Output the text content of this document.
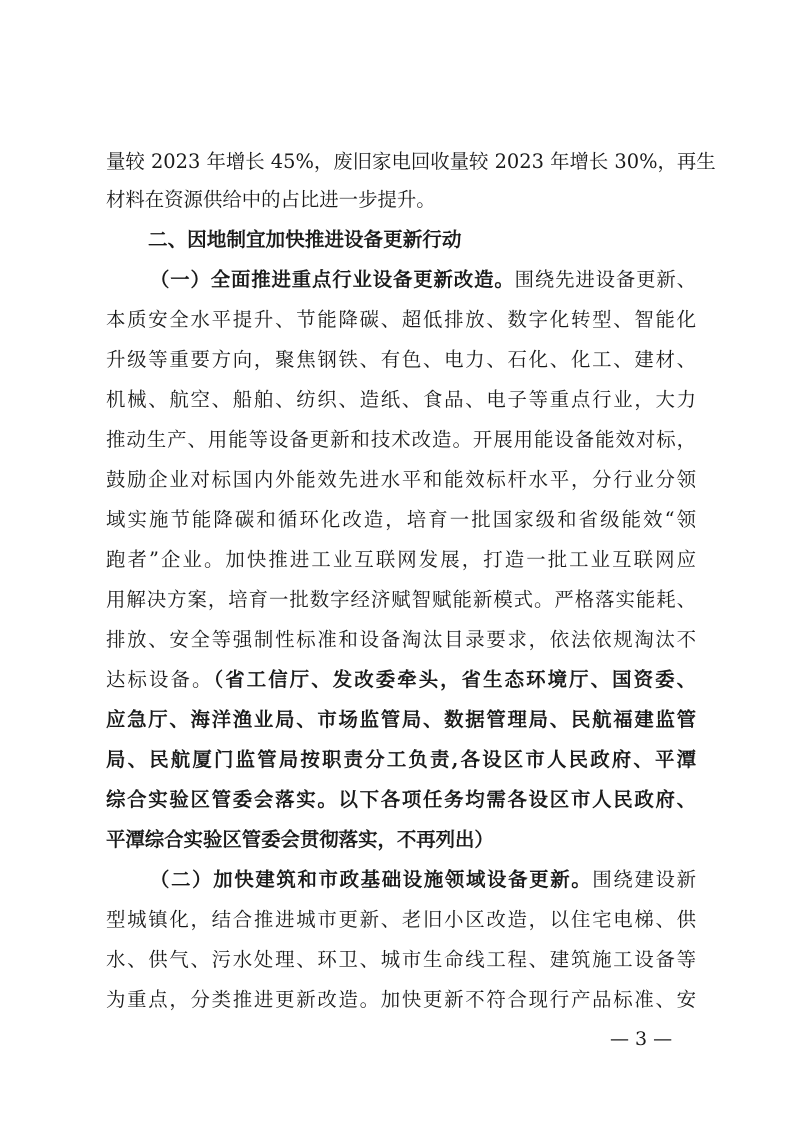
量较 2023 年增长 45%，废旧家电回收量较 2023 年增长 30%，再生
材料在资源供给中的占比进一步提升。
二、因地制宜加快推进设备更新行动
（一）全面推进重点行业设备更新改造。围绕先进设备更新、
本质安全水平提升、节能降碳、超低排放、数字化转型、智能化
升级等重要方向，聚焦钢铁、有色、电力、石化、化工、建材、
机械、航空、船舶、纺织、造纸、食品、电子等重点行业，大力
推动生产、用能等设备更新和技术改造。开展用能设备能效对标，
鼓励企业对标国内外能效先进水平和能效标杆水平，分行业分领
域实施节能降碳和循环化改造，培育一批国家级和省级能效“领
跑者”企业。加快推进工业互联网发展，打造一批工业互联网应
用解决方案，培育一批数字经济赋智赋能新模式。严格落实能耗、
排放、安全等强制性标准和设备淘汰目录要求，依法依规淘汰不
达标设备。（省工信厅、发改委牵头，省生态环境厅、国资委、
应急厅、海洋渔业局、市场监管局、数据管理局、民航福建监管
局、民航厦门监管局按职责分工负责,各设区市人民政府、平潭
综合实验区管委会落实。以下各项任务均需各设区市人民政府、
平潭综合实验区管委会贯彻落实，不再列出）
（二）加快建筑和市政基础设施领域设备更新。围绕建设新
型城镇化，结合推进城市更新、老旧小区改造，以住宅电梯、供
水、供气、污水处理、环卫、城市生命线工程、建筑施工设备等
为重点，分类推进更新改造。加快更新不符合现行产品标准、安
— 3 —
